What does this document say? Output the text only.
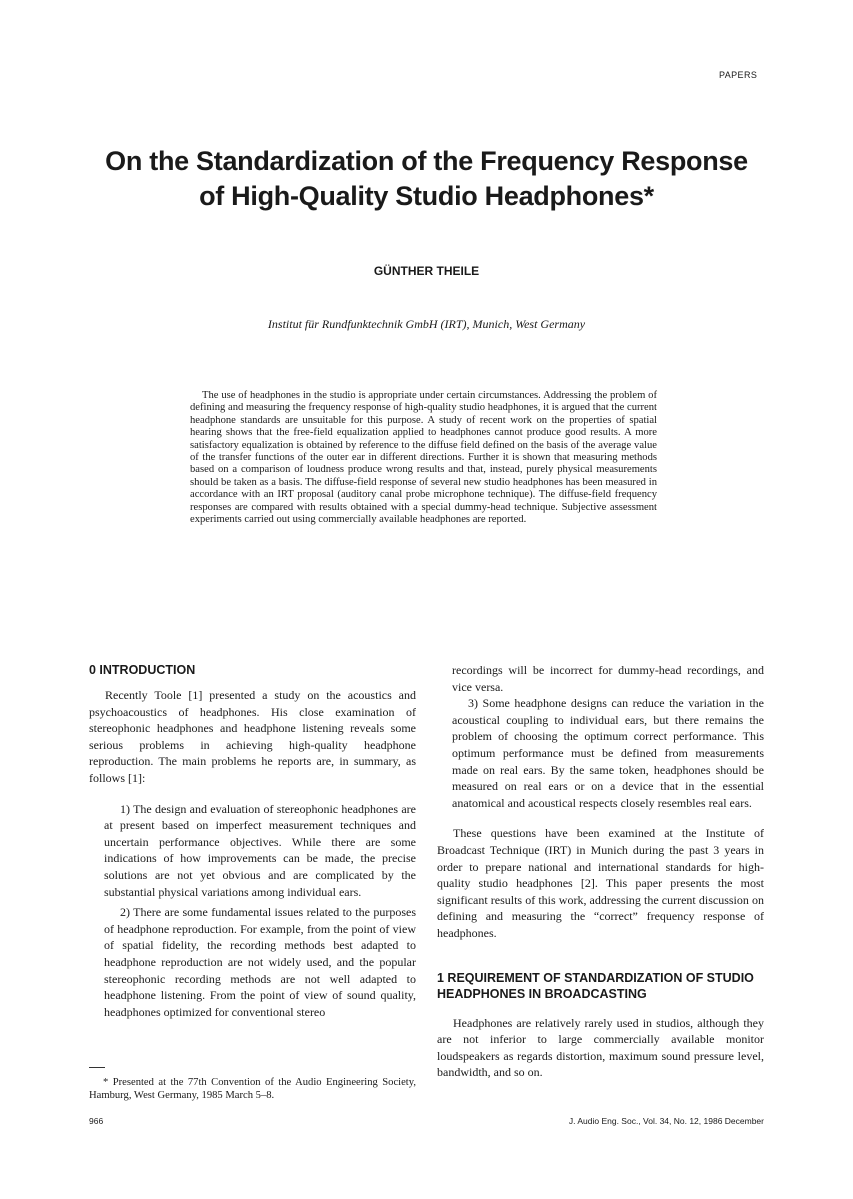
PAPERS
On the Standardization of the Frequency Response
of High-Quality Studio Headphones*
GÜNTHER THEILE
Institut für Rundfunktechnik GmbH (IRT), Munich, West Germany

The use of headphones in the studio is appropriate under certain circumstances. Addressing the problem of defining and measuring the frequency response of high-quality studio headphones, it is argued that the current headphone standards are unsuitable for this purpose. A study of recent work on the properties of spatial hearing shows that the free-field equalization applied to headphones cannot produce good results. A more satisfactory equalization is obtained by reference to the diffuse field defined on the basis of the average value of the transfer functions of the outer ear in different directions. Further it is shown that measuring methods based on a comparison of loudness produce wrong results and that, instead, purely physical measurements should be taken as a basis. The diffuse-field response of several new studio headphones has been measured in accordance with an IRT proposal (auditory canal probe microphone technique). The diffuse-field frequency responses are compared with results obtained with a special dummy-head technique. Subjective assessment experiments carried out using commercially available headphones are reported.

0 INTRODUCTION

Recently Toole [1] presented a study on the acoustics and psychoacoustics of headphones. His close examination of stereophonic headphones and headphone listening reveals some serious problems in achieving high-quality headphone reproduction. The main problems he reports are, in summary, as follows [1]:

1) The design and evaluation of stereophonic headphones are at present based on imperfect measurement techniques and uncertain performance objectives. While there are some indications of how improvements can be made, the precise solutions are not yet obvious and are complicated by the substantial physical variations among individual ears.

2) There are some fundamental issues related to the purposes of headphone reproduction. For example, from the point of view of spatial fidelity, the recording methods best adapted to headphone reproduction are not widely used, and the popular stereophonic recording methods are not well adapted to headphone listening. From the point of view of sound quality, headphones optimized for conventional stereo

recordings will be incorrect for dummy-head recordings, and vice versa.

3) Some headphone designs can reduce the variation in the acoustical coupling to individual ears, but there remains the problem of choosing the optimum correct performance. This optimum performance must be defined from measurements made on real ears. By the same token, headphones should be measured on real ears or on a device that in the essential anatomical and acoustical respects closely resembles real ears.

These questions have been examined at the Institute of Broadcast Technique (IRT) in Munich during the past 3 years in order to prepare national and international standards for high-quality studio headphones [2]. This paper presents the most significant results of this work, addressing the current discussion on defining and measuring the “correct” frequency response of headphones.

1 REQUIREMENT OF STANDARDIZATION OF STUDIO HEADPHONES IN BROADCASTING

Headphones are relatively rarely used in studios, although they are not inferior to large commercially available monitor loudspeakers as regards distortion, maximum sound pressure level, bandwidth, and so on.

* Presented at the 77th Convention of the Audio Engineering Society, Hamburg, West Germany, 1985 March 5–8.
966	J. Audio Eng. Soc., Vol. 34, No. 12, 1986 December
